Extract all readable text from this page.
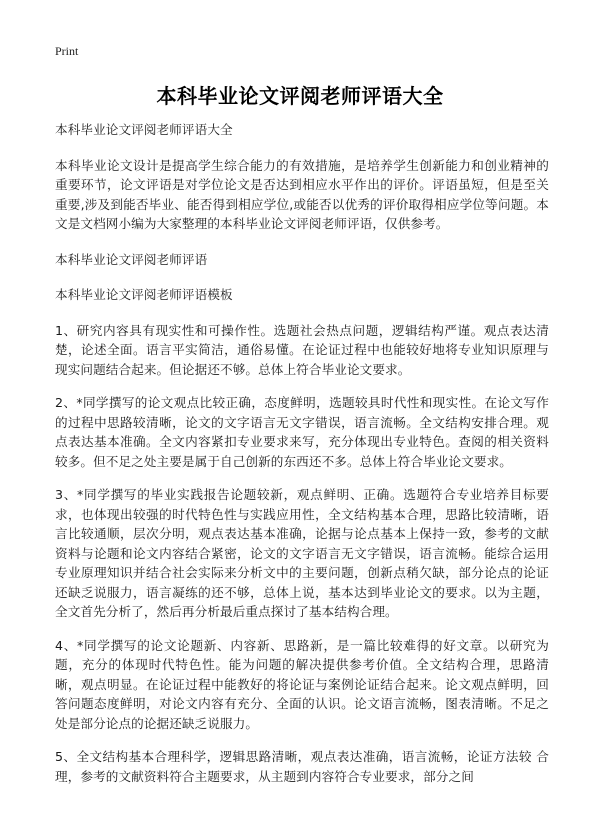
Print
本科毕业论文评阅老师评语大全

本科毕业论文评阅老师评语大全

本科毕业论文设计是提高学生综合能力的有效措施，是培养学生创新能力和创业精神的重要环节，论文评语是对学位论文是否达到相应水平作出的评价。评语虽短，但是至关重要,涉及到能否毕业、能否得到相应学位,或能否以优秀的评价取得相应学位等问题。本文是文档网小编为大家整理的本科毕业论文评阅老师评语，仅供参考。

本科毕业论文评阅老师评语

本科毕业论文评阅老师评语模板

1、研究内容具有现实性和可操作性。选题社会热点问题，逻辑结构严谨。观点表达清楚，论述全面。语言平实简洁，通俗易懂。在论证过程中也能较好地将专业知识原理与现实问题结合起来。但论据还不够。总体上符合毕业论文要求。

2、*同学撰写的论文观点比较正确，态度鲜明，选题较具时代性和现实性。在论文写作的过程中思路较清晰，论文的文字语言无文字错误，语言流畅。全文结构安排合理。观点表达基本准确。全文内容紧扣专业要求来写，充分体现出专业特色。查阅的相关资料较多。但不足之处主要是属于自己创新的东西还不多。总体上符合毕业论文要求。

3、*同学撰写的毕业实践报告论题较新，观点鲜明、正确。选题符合专业培养目标要求，也体现出较强的时代特色性与实践应用性，全文结构基本合理，思路比较清晰，语言比较通顺，层次分明，观点表达基本准确，论据与论点基本上保持一致，参考的文献资料与论题和论文内容结合紧密，论文的文字语言无文字错误，语言流畅。能综合运用专业原理知识并结合社会实际来分析文中的主要问题，创新点稍欠缺，部分论点的论证还缺乏说服力，语言凝练的还不够，总体上说，基本达到毕业论文的要求。以为主题，全文首先分析了，然后再分析最后重点探讨了基本结构合理。

4、*同学撰写的论文论题新、内容新、思路新，是一篇比较难得的好文章。以研究为题，充分的体现时代特色性。能为问题的解决提供参考价值。全文结构合理，思路清晰，观点明显。在论证过程中能教好的将论证与案例论证结合起来。论文观点鲜明，回答问题态度鲜明，对论文内容有充分、全面的认识。论文语言流畅，图表清晰。不足之处是部分论点的论据还缺乏说服力。

5、全文结构基本合理科学，逻辑思路清晰，观点表达准确，语言流畅，论证方法较 合理，参考的文献资料符合主题要求，从主题到内容符合专业要求，部分之间
